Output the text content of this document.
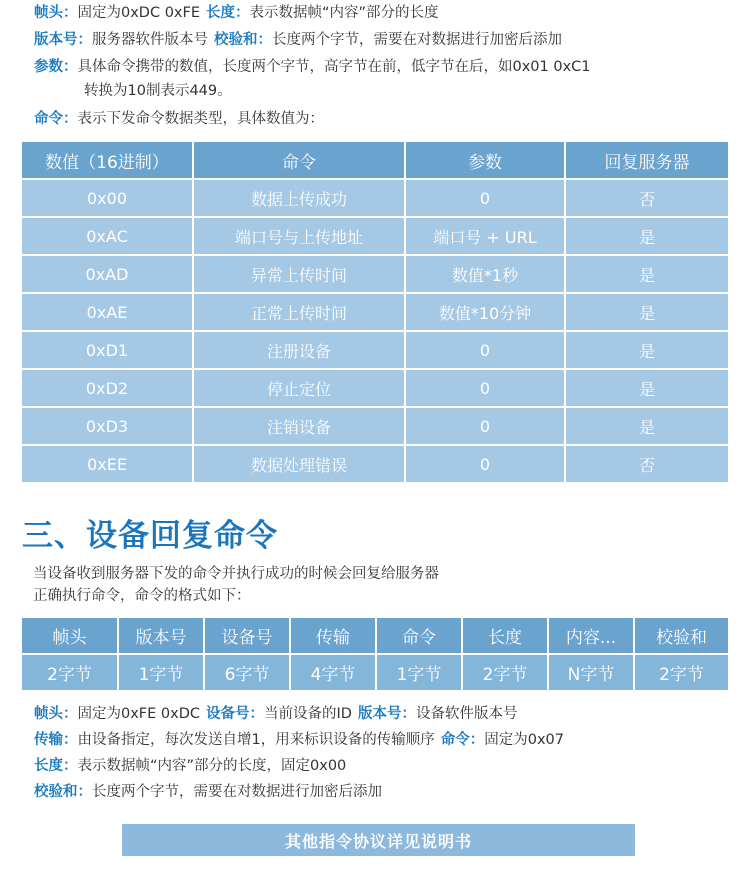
帧头：固定为0xDC 0xFE 长度：表示数据帧“内容”部分的长度
版本号：服务器软件版本号 校验和：长度两个字节，需要在对数据进行加密后添加
参数：具体命令携带的数值，长度两个字节，高字节在前，低字节在后，如0x01 0xC1
转换为10制表示449。
命令：表示下发命令数据类型，具体数值为：
数值（16进制）	命令	参数	回复服务器
0x00	数据上传成功	0	否
0xAC	端口号与上传地址	端口号 + URL	是
0xAD	异常上传时间	数值*1秒	是
0xAE	正常上传时间	数值*10分钟	是
0xD1	注册设备	0	是
0xD2	停止定位	0	是
0xD3	注销设备	0	是
0xEE	数据处理错误	0	否
三、设备回复命令
当设备收到服务器下发的命令并执行成功的时候会回复给服务器
正确执行命令，命令的格式如下：
帧头	版本号	设备号	传输	命令	长度	内容...	校验和
2字节	1字节	6字节	4字节	1字节	2字节	N字节	2字节
帧头：固定为0xFE 0xDC 设备号：当前设备的ID 版本号：设备软件版本号
传输：由设备指定，每次发送自增1，用来标识设备的传输顺序 命令：固定为0x07
长度：表示数据帧“内容”部分的长度，固定0x00
校验和：长度两个字节，需要在对数据进行加密后添加
其他指令协议详见说明书
